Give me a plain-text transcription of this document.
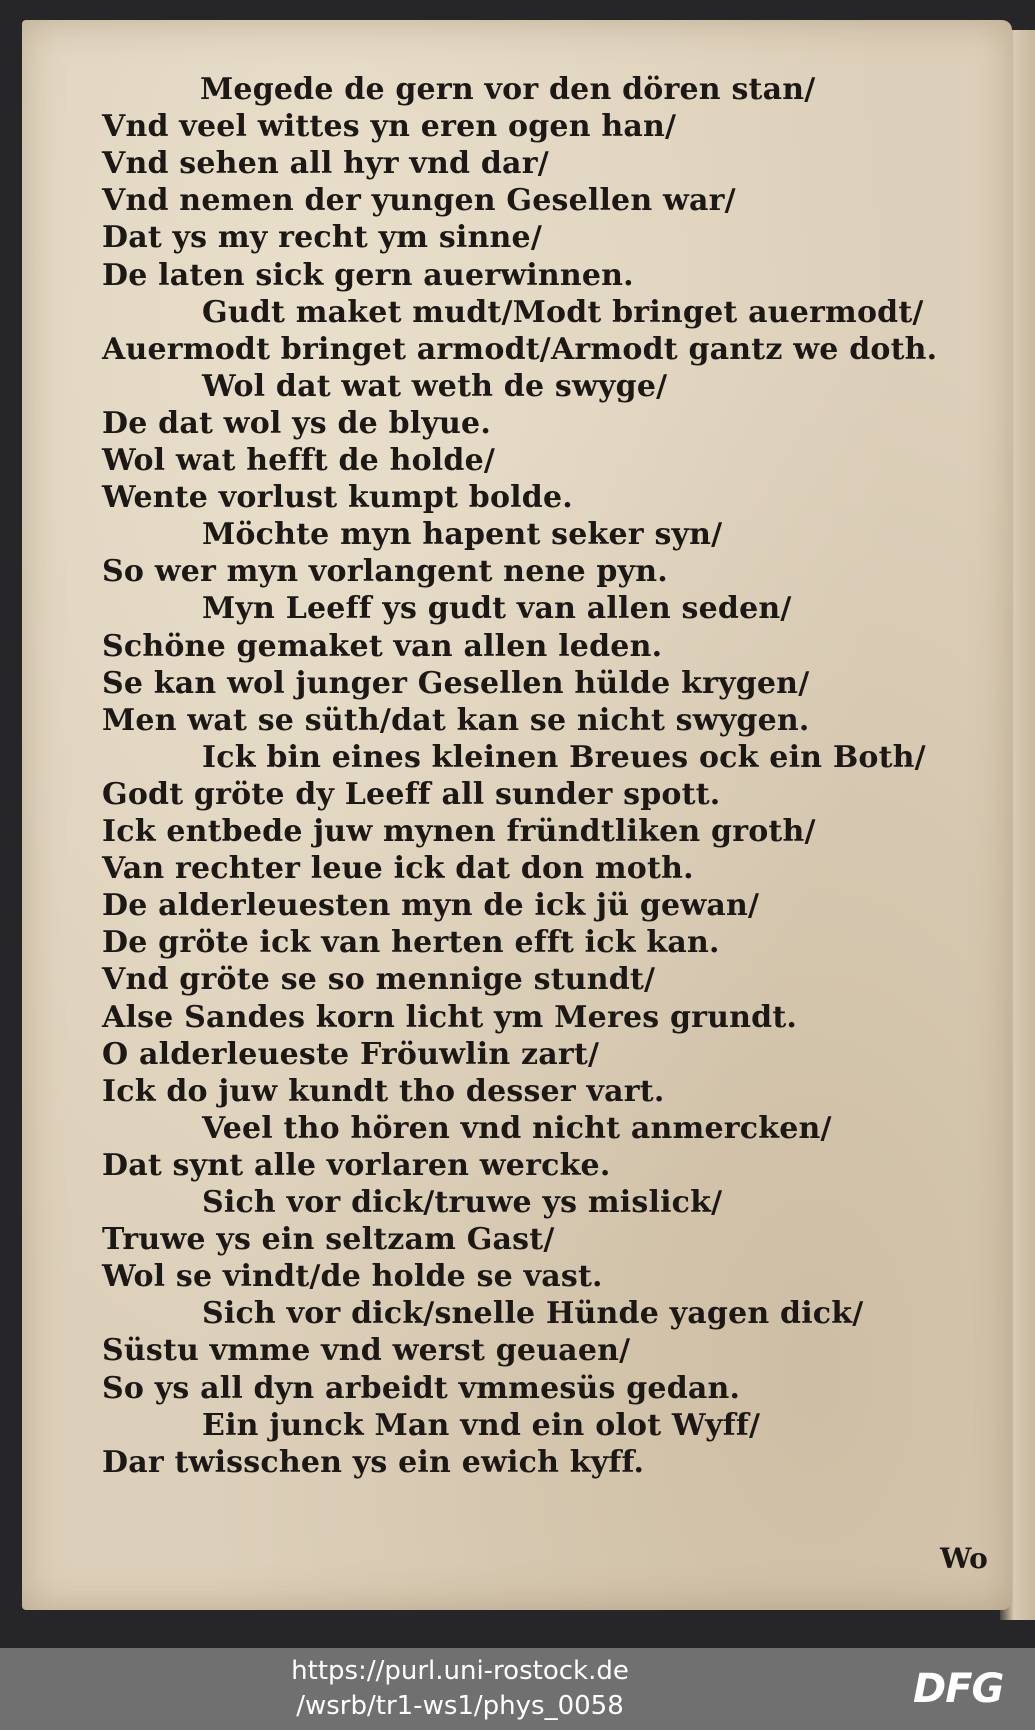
Megede de gern vor den dören stan/
Vnd veel wittes yn eren ogen han/
Vnd sehen all hyr vnd dar/
Vnd nemen der yungen Gesellen war/
Dat ys my recht ym sinne/
De laten sick gern auerwinnen.
Gudt maket mudt/Modt bringet auermodt/
Auermodt bringet armodt/Armodt gantz we doth.
Wol dat wat weth de swyge/
De dat wol ys de blyue.
Wol wat hefft de holde/
Wente vorlust kumpt bolde.
Möchte myn hapent seker syn/
So wer myn vorlangent nene pyn.
Myn Leeff ys gudt van allen seden/
Schöne gemaket van allen leden.
Se kan wol junger Gesellen hülde krygen/
Men wat se süth/dat kan se nicht swygen.
Ick bin eines kleinen Breues ock ein Both/
Godt gröte dy Leeff all sunder spott.
Ick entbede juw mynen fründtliken groth/
Van rechter leue ick dat don moth.
De alderleuesten myn de ick jü gewan/
De gröte ick van herten efft ick kan.
Vnd gröte se so mennige stundt/
Alse Sandes korn licht ym Meres grundt.
O alderleueste Fröuwlin zart/
Ick do juw kundt tho desser vart.
Veel tho hören vnd nicht anmercken/
Dat synt alle vorlaren wercke.
Sich vor dick/truwe ys mislick/
Truwe ys ein seltzam Gast/
Wol se vindt/de holde se vast.
Sich vor dick/snelle Hünde yagen dick/
Süstu vmme vnd werst geuaen/
So ys all dyn arbeidt vmmesüs gedan.
Ein junck Man vnd ein olot Wyff/
Dar twisschen ys ein ewich kyff.
Wo
https://purl.uni-rostock.de
/wsrb/tr1-ws1/phys_0058	DFG
